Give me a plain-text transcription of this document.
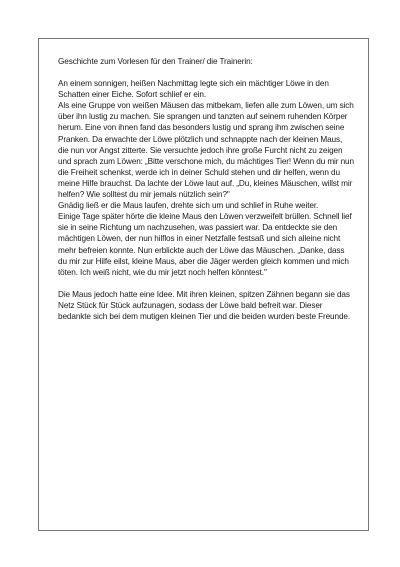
Geschichte zum Vorlesen für den Trainer/ die Trainerin:

An einem sonnigen, heißen Nachmittag legte sich ein mächtiger Löwe in den Schatten einer Eiche. Sofort schlief er ein.

Als eine Gruppe von weißen Mäusen das mitbekam, liefen alle zum Löwen, um sich über ihn lustig zu machen. Sie sprangen und tanzten auf seinem ruhenden Körper herum. Eine von ihnen fand das besonders lustig und sprang ihm zwischen seine Pranken. Da erwachte der Löwe plötzlich und schnappte nach der kleinen Maus, die nun vor Angst zitterte. Sie versuchte jedoch ihre große Furcht nicht zu zeigen und sprach zum Löwen: „Bitte verschone mich, du mächtiges Tier! Wenn du mir nun die Freiheit schenkst, werde ich in deiner Schuld stehen und dir helfen, wenn du meine Hilfe brauchst. Da lachte der Löwe laut auf. „Du, kleines Mäuschen, willst mir helfen? Wie solltest du mir jemals nützlich sein?"

Gnädig ließ er die Maus laufen, drehte sich um und schlief in Ruhe weiter.

Einige Tage später hörte die kleine Maus den Löwen verzweifelt brüllen. Schnell lief sie in seine Richtung um nachzusehen, was passiert war. Da entdeckte sie den mächtigen Löwen, der nun hilflos in einer Netzfalle festsaß und sich alleine nicht mehr befreien konnte. Nun erblickte auch der Löwe das Mäuschen. „Danke, dass du mir zur Hilfe eilst, kleine Maus, aber die Jäger werden gleich kommen und mich töten. Ich weiß nicht, wie du mir jetzt noch helfen könntest."

Die Maus jedoch hatte eine Idee. Mit ihren kleinen, spitzen Zähnen begann sie das Netz Stück für Stück aufzunagen, sodass der Löwe bald befreit war. Dieser bedankte sich bei dem mutigen kleinen Tier und die beiden wurden beste Freunde.
